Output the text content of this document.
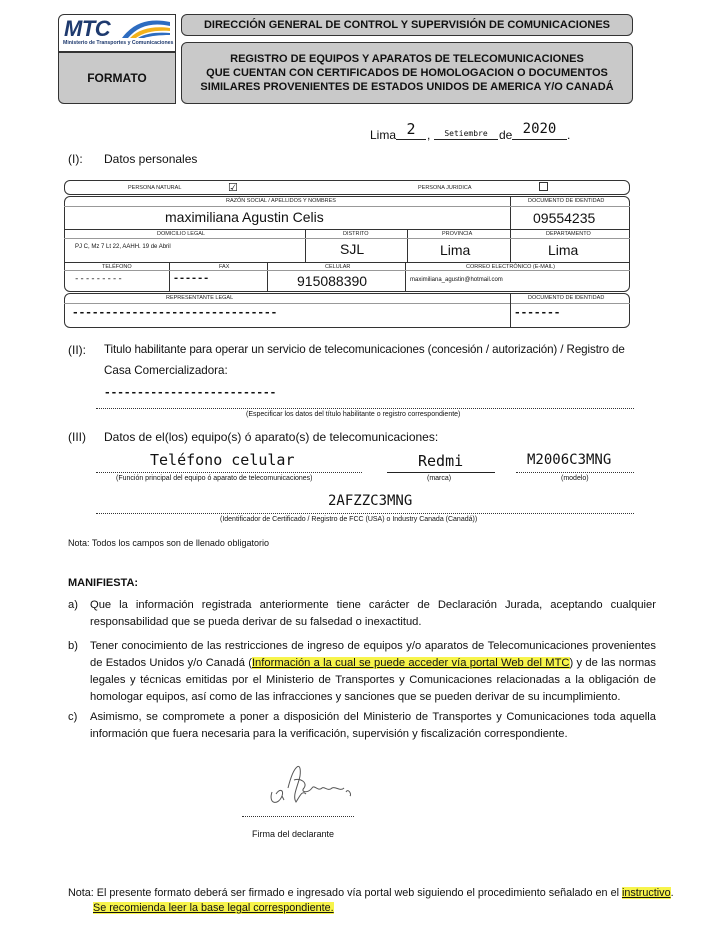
MTC
Ministerio de Transportes y Comunicaciones
FORMATO
DIRECCIÓN GENERAL DE CONTROL Y SUPERVISIÓN DE COMUNICACIONES
REGISTRO DE EQUIPOS Y APARATOS DE TELECOMUNICACIONES
QUE CUENTAN CON CERTIFICADOS DE HOMOLOGACION O DOCUMENTOS
SIMILARES PROVENIENTES DE ESTADOS UNIDOS DE AMERICA Y/O CANADÁ
Lima 2 ,	Setiembre de 2020 .
(I): Datos personales
PERSONA NATURAL	☑	PERSONA JURIDICA
RAZÓN SOCIAL / APELLIDOS Y NOMBRES
maximiliana Agustin Celis
DOCUMENTO DE IDENTIDAD
09554235
DOMICILIO LEGAL
PJ C, Mz 7 Lt 22, AAHH. 19 de Abril
DISTRITO
SJL
PROVINCIA
Lima
DEPARTAMENTO
Lima
TELÉFONO
---------
FAX
------
CELULAR
915088390
CORREO ELECTRÓNICO (E-MAIL)
maximiliana_agustin@hotmail.com
REPRESENTANTE LEGAL
-------------------------------
DOCUMENTO DE IDENTIDAD
-------
(II): Titulo habilitante para operar un servicio de telecomunicaciones (concesión / autorización) / Registro de
Casa Comercializadora:
--------------------------
(Especificar los datos del título habilitante o registro correspondiente)
(III) Datos de el(los) equipo(s) ó aparato(s) de telecomunicaciones:
Teléfono celular
(Función principal del equipo ó aparato de telecomunicaciones)
Redmi
(marca)
M2006C3MNG
(modelo)
2AFZZC3MNG
(Identificador de Certificado / Registro de FCC (USA) o Industry Canada (Canadá))
Nota: Todos los campos son de llenado obligatorio
MANIFIESTA:
a) Que la información registrada anteriormente tiene carácter de Declaración Jurada, aceptando cualquier responsabilidad que se pueda derivar de su falsedad o inexactitud.
b) Tener conocimiento de las restricciones de ingreso de equipos y/o aparatos de Telecomunicaciones provenientes de Estados Unidos y/o Canadá (Información a la cual se puede acceder vía portal Web del MTC) y de las normas legales y técnicas emitidas por el Ministerio de Transportes y Comunicaciones relacionadas a la obligación de homologar equipos, así como de las infracciones y sanciones que se pueden derivar de su incumplimiento.
c) Asimismo, se compromete a poner a disposición del Ministerio de Transportes y Comunicaciones toda aquella información que fuera necesaria para la verificación, supervisión y fiscalización correspondiente.
Firma del declarante
Nota: El presente formato deberá ser firmado e ingresado vía portal web siguiendo el procedimiento señalado en el instructivo.
Se recomienda leer la base legal correspondiente.
